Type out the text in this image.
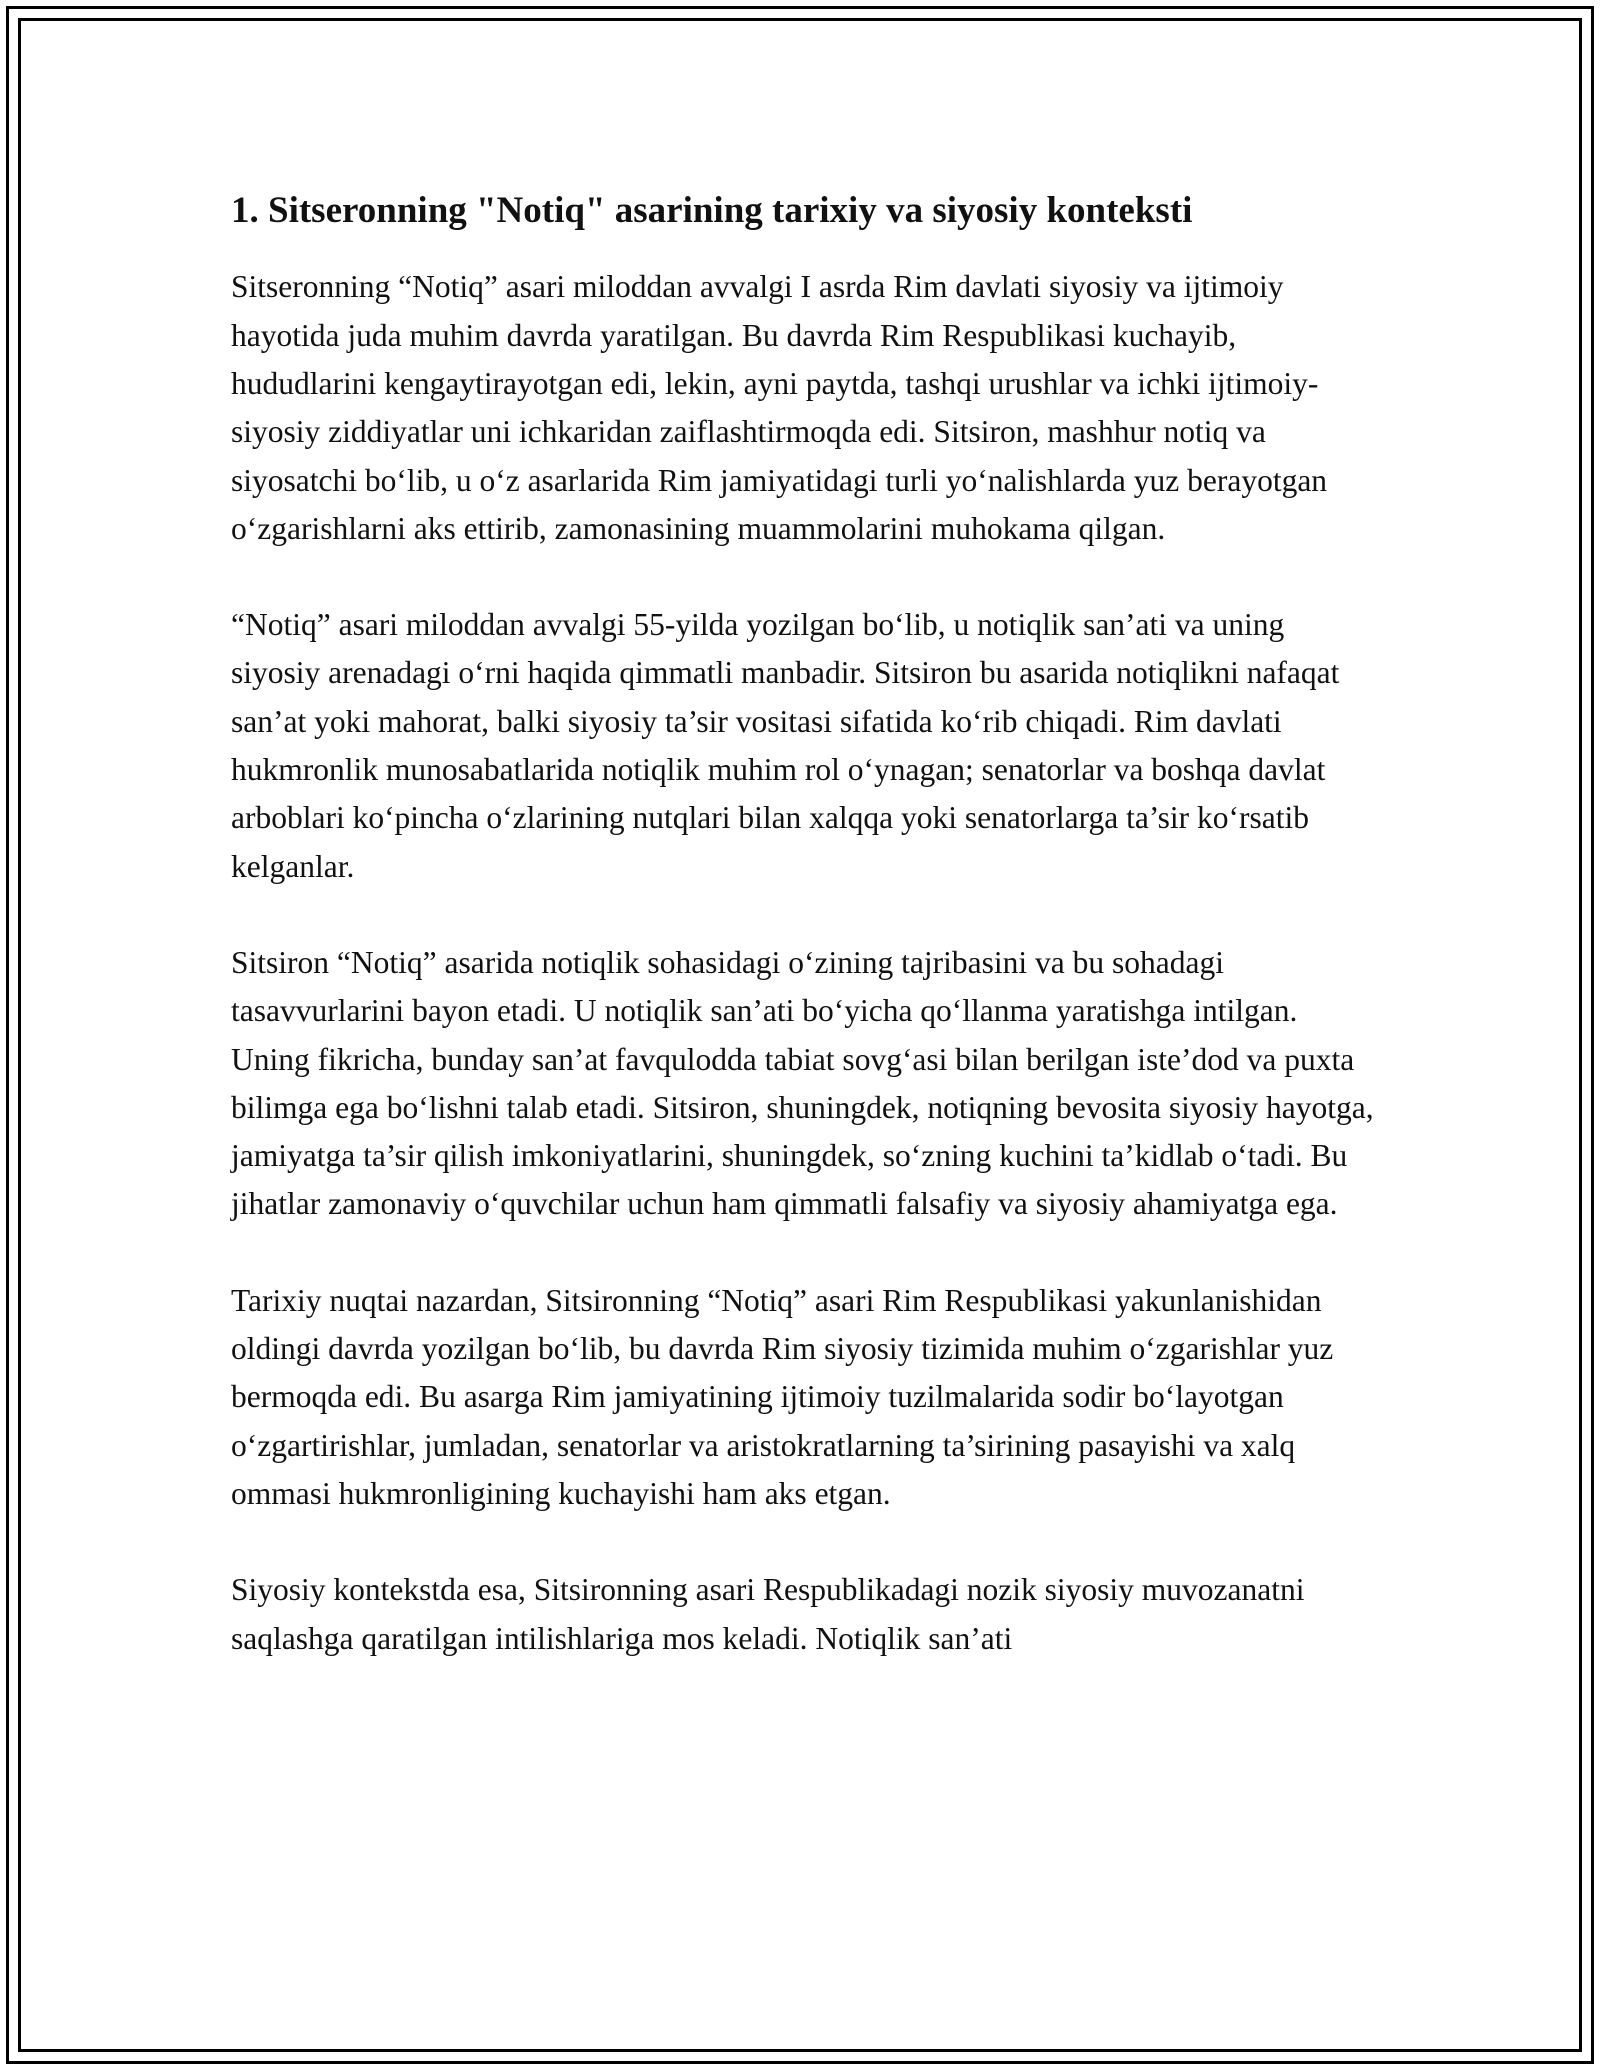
1. Sitseronning "Notiq" asarining tarixiy va siyosiy konteksti

Sitseronning “Notiq” asari miloddan avvalgi I asrda Rim davlati siyosiy va ijtimoiy hayotida juda muhim davrda yaratilgan. Bu davrda Rim Respublikasi kuchayib, hududlarini kengaytirayotgan edi, lekin, ayni paytda, tashqi urushlar va ichki ijtimoiy-siyosiy ziddiyatlar uni ichkaridan zaiflashtirmoqda edi. Sitsiron, mashhur notiq va siyosatchi boʻlib, u oʻz asarlarida Rim jamiyatidagi turli yoʻnalishlarda yuz berayotgan oʻzgarishlarni aks ettirib, zamonasining muammolarini muhokama qilgan.

“Notiq” asari miloddan avvalgi 55-yilda yozilgan boʻlib, u notiqlik san’ati va uning siyosiy arenadagi oʻrni haqida qimmatli manbadir. Sitsiron bu asarida notiqlikni nafaqat san’at yoki mahorat, balki siyosiy ta’sir vositasi sifatida koʻrib chiqadi. Rim davlati hukmronlik munosabatlarida notiqlik muhim rol oʻynagan; senatorlar va boshqa davlat arboblari koʻpincha oʻzlarining nutqlari bilan xalqqa yoki senatorlarga ta’sir koʻrsatib kelganlar.

Sitsiron “Notiq” asarida notiqlik sohasidagi oʻzining tajribasini va bu sohadagi tasavvurlarini bayon etadi. U notiqlik san’ati boʻyicha qoʻllanma yaratishga intilgan. Uning fikricha, bunday san’at favqulodda tabiat sovgʻasi bilan berilgan iste’dod va puxta bilimga ega boʻlishni talab etadi. Sitsiron, shuningdek, notiqning bevosita siyosiy hayotga, jamiyatga ta’sir qilish imkoniyatlarini, shuningdek, soʻzning kuchini ta’kidlab oʻtadi. Bu jihatlar zamonaviy oʻquvchilar uchun ham qimmatli falsafiy va siyosiy ahamiyatga ega.

Tarixiy nuqtai nazardan, Sitsironning “Notiq” asari Rim Respublikasi yakunlanishidan oldingi davrda yozilgan boʻlib, bu davrda Rim siyosiy tizimida muhim oʻzgarishlar yuz bermoqda edi. Bu asarga Rim jamiyatining ijtimoiy tuzilmalarida sodir boʻlayotgan oʻzgartirishlar, jumladan, senatorlar va aristokratlarning ta’sirining pasayishi va xalq ommasi hukmronligining kuchayishi ham aks etgan.

Siyosiy kontekstda esa, Sitsironning asari Respublikadagi nozik siyosiy muvozanatni saqlashga qaratilgan intilishlariga mos keladi. Notiqlik san’ati
